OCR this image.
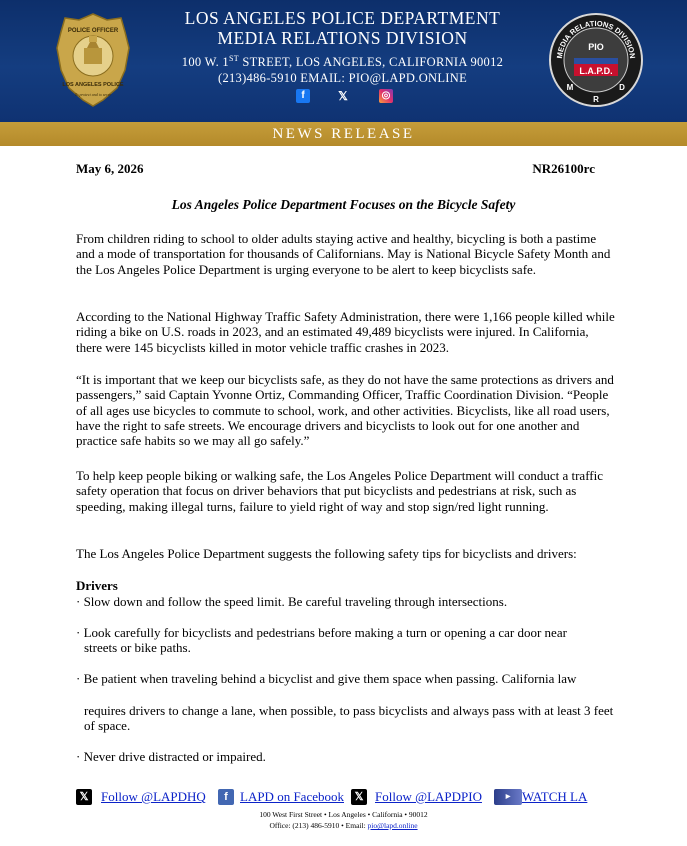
POLICE OFFICER
LOS ANGELES POLICE
To protect and to serve
LOS ANGELES POLICE DEPARTMENT
MEDIA RELATIONS DIVISION
100 W. 1ST STREET, LOS ANGELES, CALIFORNIA 90012
(213)486-5910 EMAIL: PIO@LAPD.ONLINE
f	𝕏	◎
MEDIA RELATIONS DIVISION
PIO
L.A.P.D.
M
R
D
NEWS RELEASE
May 6, 2026	NR26100rc
Los Angeles Police Department Focuses on the Bicycle Safety
From children riding to school to older adults staying active and healthy, bicycling is both a pastime and a mode of transportation for thousands of Californians. May is National Bicycle Safety Month and the Los Angeles Police Department is urging everyone to be alert to keep bicyclists safe.
According to the National Highway Traffic Safety Administration, there were 1,166 people killed while riding a bike on U.S. roads in 2023, and an estimated 49,489 bicyclists were injured. In California, there were 145 bicyclists killed in motor vehicle traffic crashes in 2023.
“It is important that we keep our bicyclists safe, as they do not have the same protections as drivers and passengers,” said Captain Yvonne Ortiz, Commanding Officer, Traffic Coordination Division. “People of all ages use bicycles to commute to school, work, and other activities. Bicyclists, like all road users, have the right to safe streets. We encourage drivers and bicyclists to look out for one another and practice safe habits so we may all go safely.”
To help keep people biking or walking safe, the Los Angeles Police Department will conduct a traffic safety operation that focus on driver behaviors that put bicyclists and pedestrians at risk, such as speeding, making illegal turns, failure to yield right of way and stop sign/red light running.
The Los Angeles Police Department suggests the following safety tips for bicyclists and drivers:
Drivers
· Slow down and follow the speed limit. Be careful traveling through intersections.
· Look carefully for bicyclists and pedestrians before making a turn or opening a car door near
streets or bike paths.
· Be patient when traveling behind a bicyclist and give them space when passing. California law
requires drivers to change a lane, when possible, to pass bicyclists and always pass with at least 3 feet of space.
· Never drive distracted or impaired.
𝕏 Follow @LAPDHQ	f LAPD on Facebook 𝕏 Follow @LAPDPIO	▶ WATCH LA
100 West First Street • Los Angeles • California • 90012
Office: (213) 486-5910 • Email: pio@lapd.online
